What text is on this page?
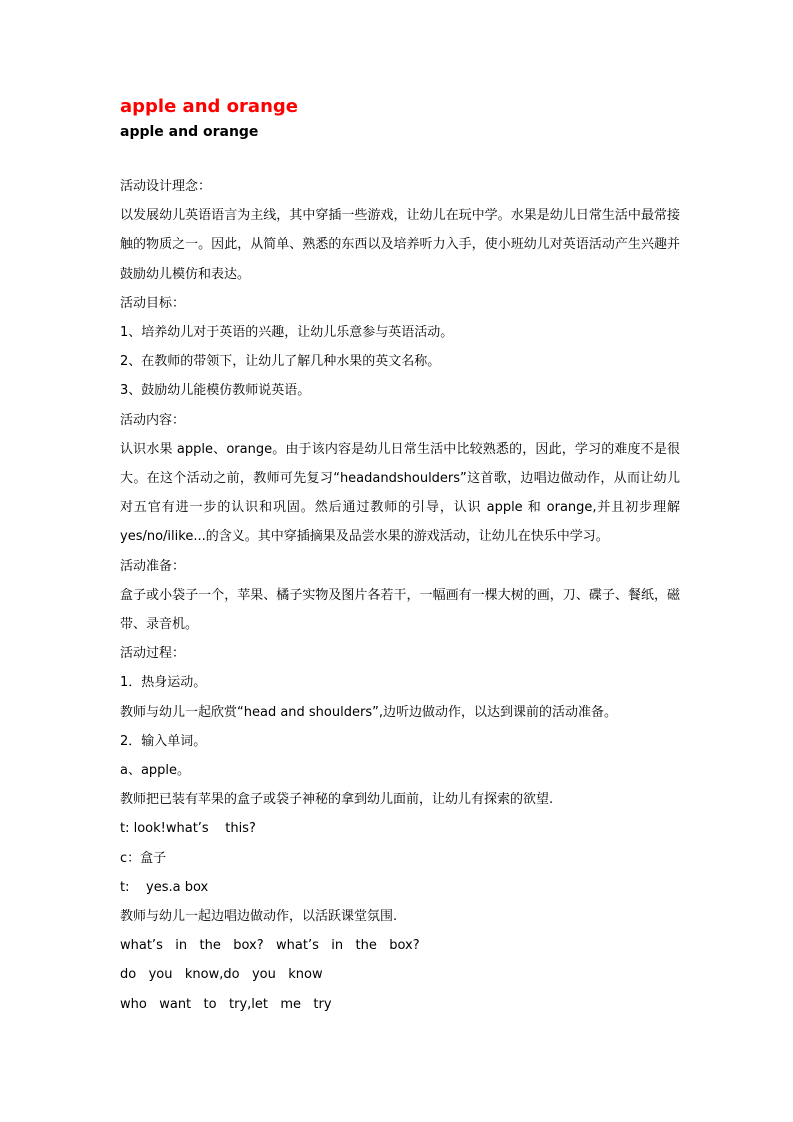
apple and orange
apple and orange

活动设计理念：

以发展幼儿英语语言为主线，其中穿插一些游戏，让幼儿在玩中学。水果是幼儿日常生活中最常接触的物质之一。因此，从简单、熟悉的东西以及培养听力入手，使小班幼儿对英语活动产生兴趣并鼓励幼儿模仿和表达。

活动目标：

1、培养幼儿对于英语的兴趣，让幼儿乐意参与英语活动。

2、在教师的带领下，让幼儿了解几种水果的英文名称。

3、鼓励幼儿能模仿教师说英语。

活动内容：

认识水果 apple、orange。由于该内容是幼儿日常生活中比较熟悉的，因此，学习的难度不是很大。在这个活动之前，教师可先复习“headandshoulders”这首歌，边唱边做动作，从而让幼儿对五官有进一步的认识和巩固。然后通过教师的引导，认识 apple 和 orange,并且初步理解 yes/no/ilike...的含义。其中穿插摘果及品尝水果的游戏活动，让幼儿在快乐中学习。

活动准备：

盒子或小袋子一个，苹果、橘子实物及图片各若干，一幅画有一棵大树的画，刀、碟子、餐纸，磁带、录音机。

活动过程：

1．热身运动。

教师与幼儿一起欣赏“head and shoulders”,边听边做动作，以达到课前的活动准备。

2．输入单词。

a、apple。

教师把已装有苹果的盒子或袋子神秘的拿到幼儿面前，让幼儿有探索的欲望.

t: look!what’s    this?

c：盒子

t:    yes.a box

教师与幼儿一起边唱边做动作，以活跃课堂氛围.

what’s   in   the   box?   what’s   in   the   box?

do   you   know,do   you   know

who   want   to   try,let   me   try
